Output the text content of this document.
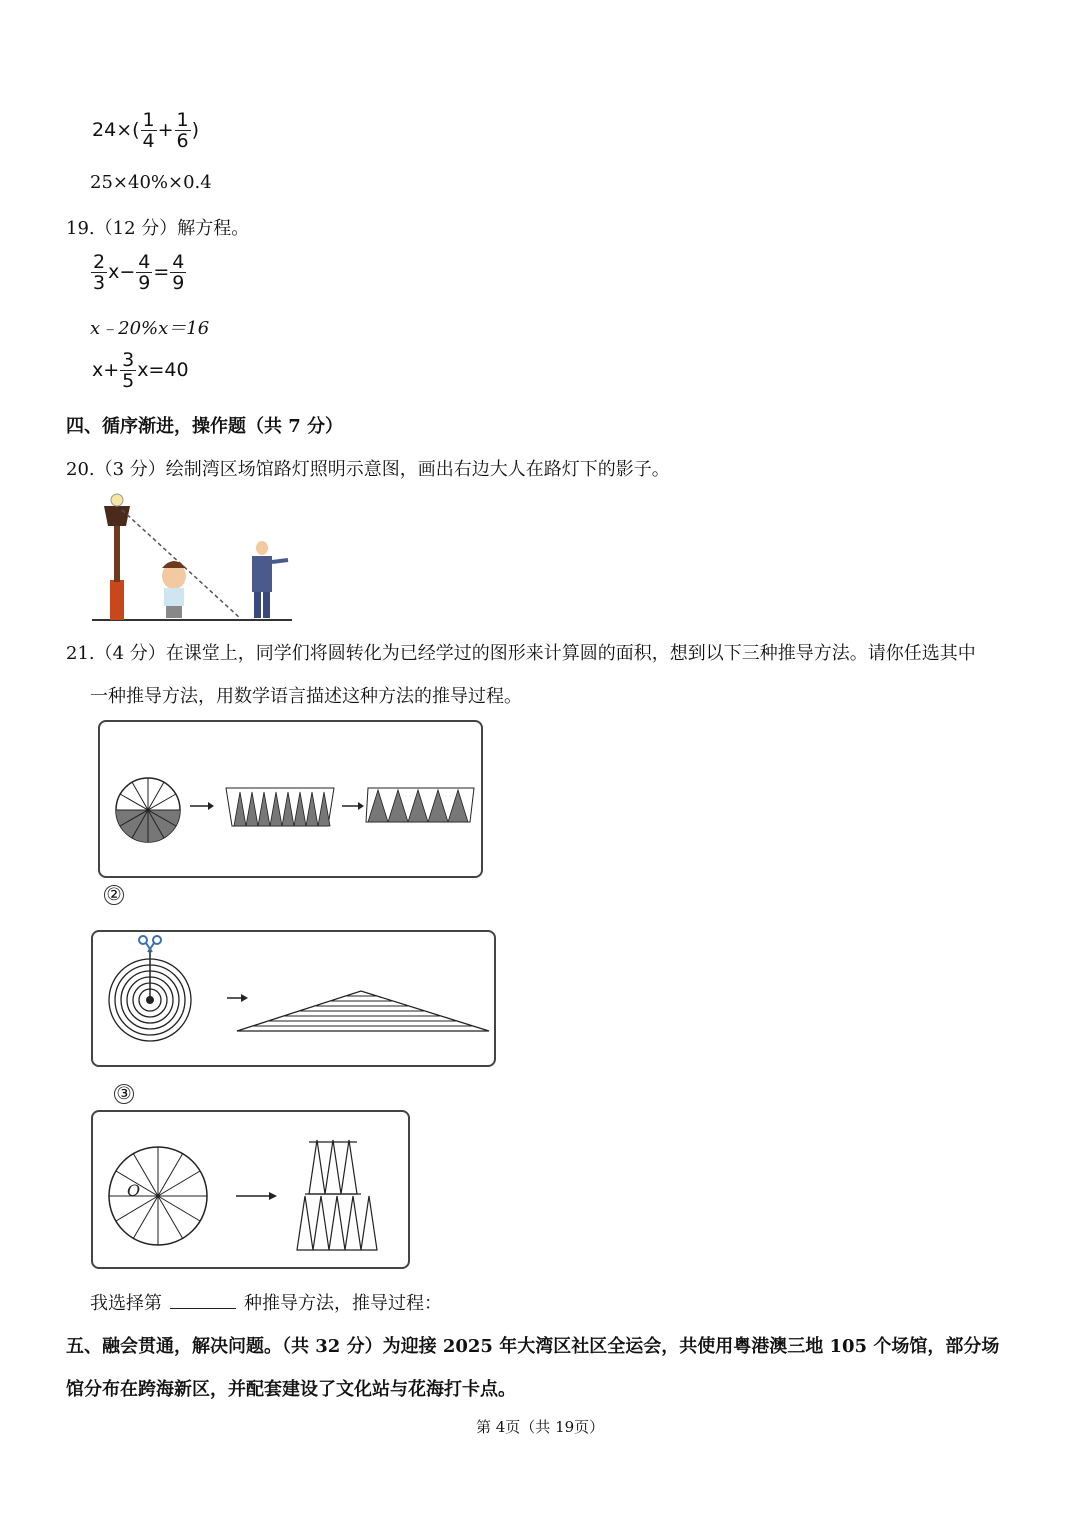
$24\times( \frac{1}{4} + \frac{1}{6}$ )
25×40%×0.4
19.（12 分）解方程。
$\frac{2}{3} x- \frac{4}{9} = \frac{4}{9}$
x﹣20%x＝16
$x+ \frac{3}{5} x=40$
四、循序渐进，操作题（共 7 分）
20.（3 分）绘制湾区场馆路灯照明示意图，画出右边大人在路灯下的影子。
21.（4 分）在课堂上，同学们将圆转化为已经学过的图形来计算圆的面积，想到以下三种推导方法。请你任选其中
一种推导方法，用数学语言描述这种方法的推导过程。
②
③
O
我选择第	种推导方法，推导过程：
五、融会贯通，解决问题。（共 32 分）为迎接 2025 年大湾区社区全运会，共使用粤港澳三地 105 个场馆，部分场
馆分布在跨海新区，并配套建设了文化站与花海打卡点。
第 4页（共 19页）
